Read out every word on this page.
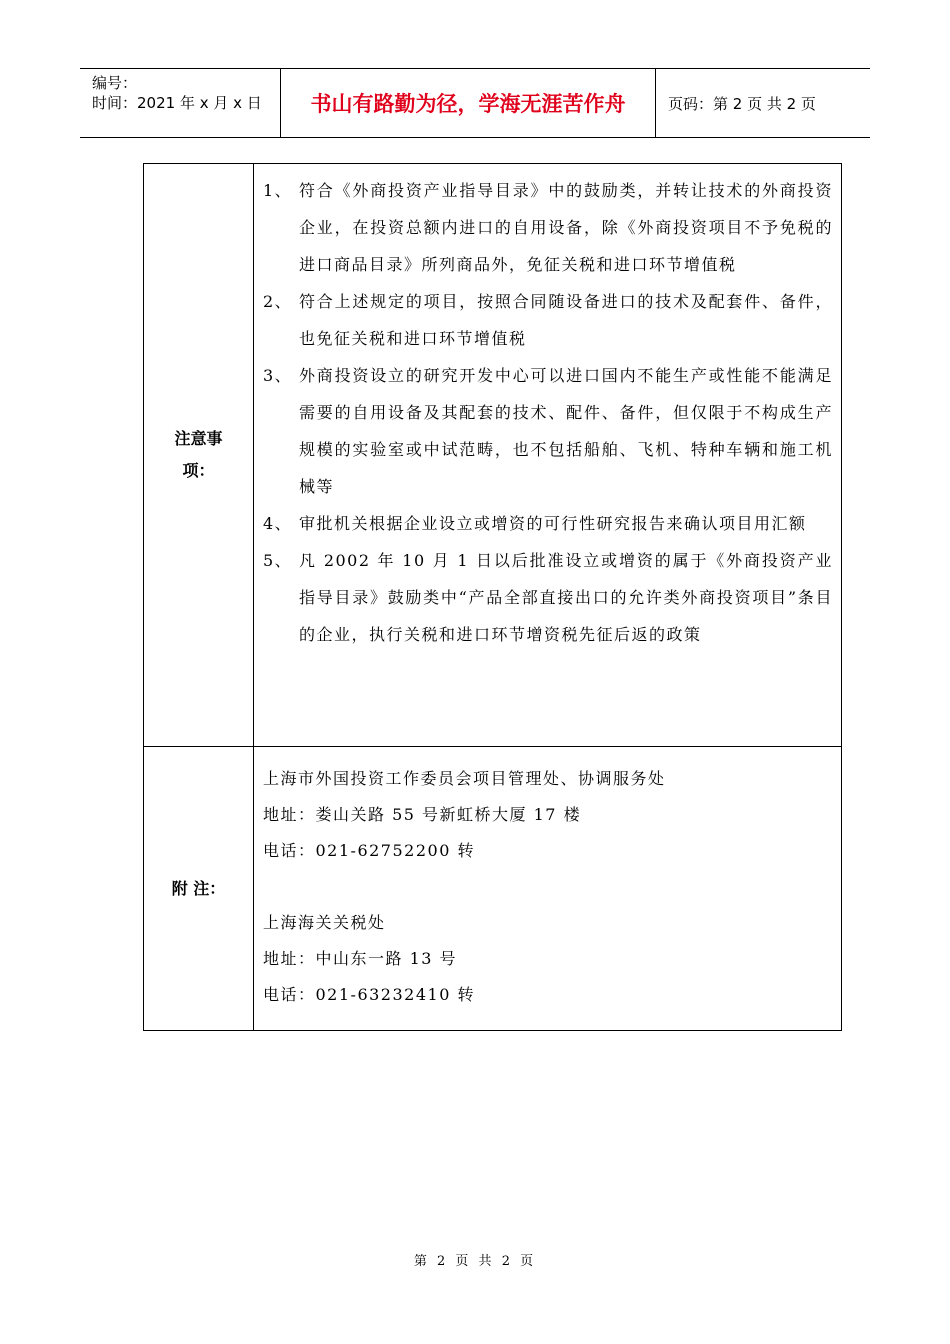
编号：
时间：2021 年 x 月 x 日	书山有路勤为径，学海无涯苦作舟	页码：第 2 页 共 2 页
注意事项：
1、 符合《外商投资产业指导目录》中的鼓励类，并转让技术的外商投资企业，在投资总额内进口的自用设备，除《外商投资项目不予免税的进口商品目录》所列商品外，免征关税和进口环节增值税
2、 符合上述规定的项目，按照合同随设备进口的技术及配套件、备件，也免征关税和进口环节增值税
3、 外商投资设立的研究开发中心可以进口国内不能生产或性能不能满足需要的自用设备及其配套的技术、配件、备件，但仅限于不构成生产规模的实验室或中试范畴，也不包括船舶、飞机、特种车辆和施工机械等
4、 审批机关根据企业设立或增资的可行性研究报告来确认项目用汇额
5、 凡 2002 年 10 月 1 日以后批准设立或增资的属于《外商投资产业指导目录》鼓励类中“产品全部直接出口的允许类外商投资项目”条目的企业，执行关税和进口环节增资税先征后返的政策
附 注：
上海市外国投资工作委员会项目管理处、协调服务处
地址：娄山关路 55 号新虹桥大厦 17 楼
电话：021-62752200 转
上海海关关税处
地址：中山东一路 13 号
电话：021-63232410 转
第 2 页 共 2 页
